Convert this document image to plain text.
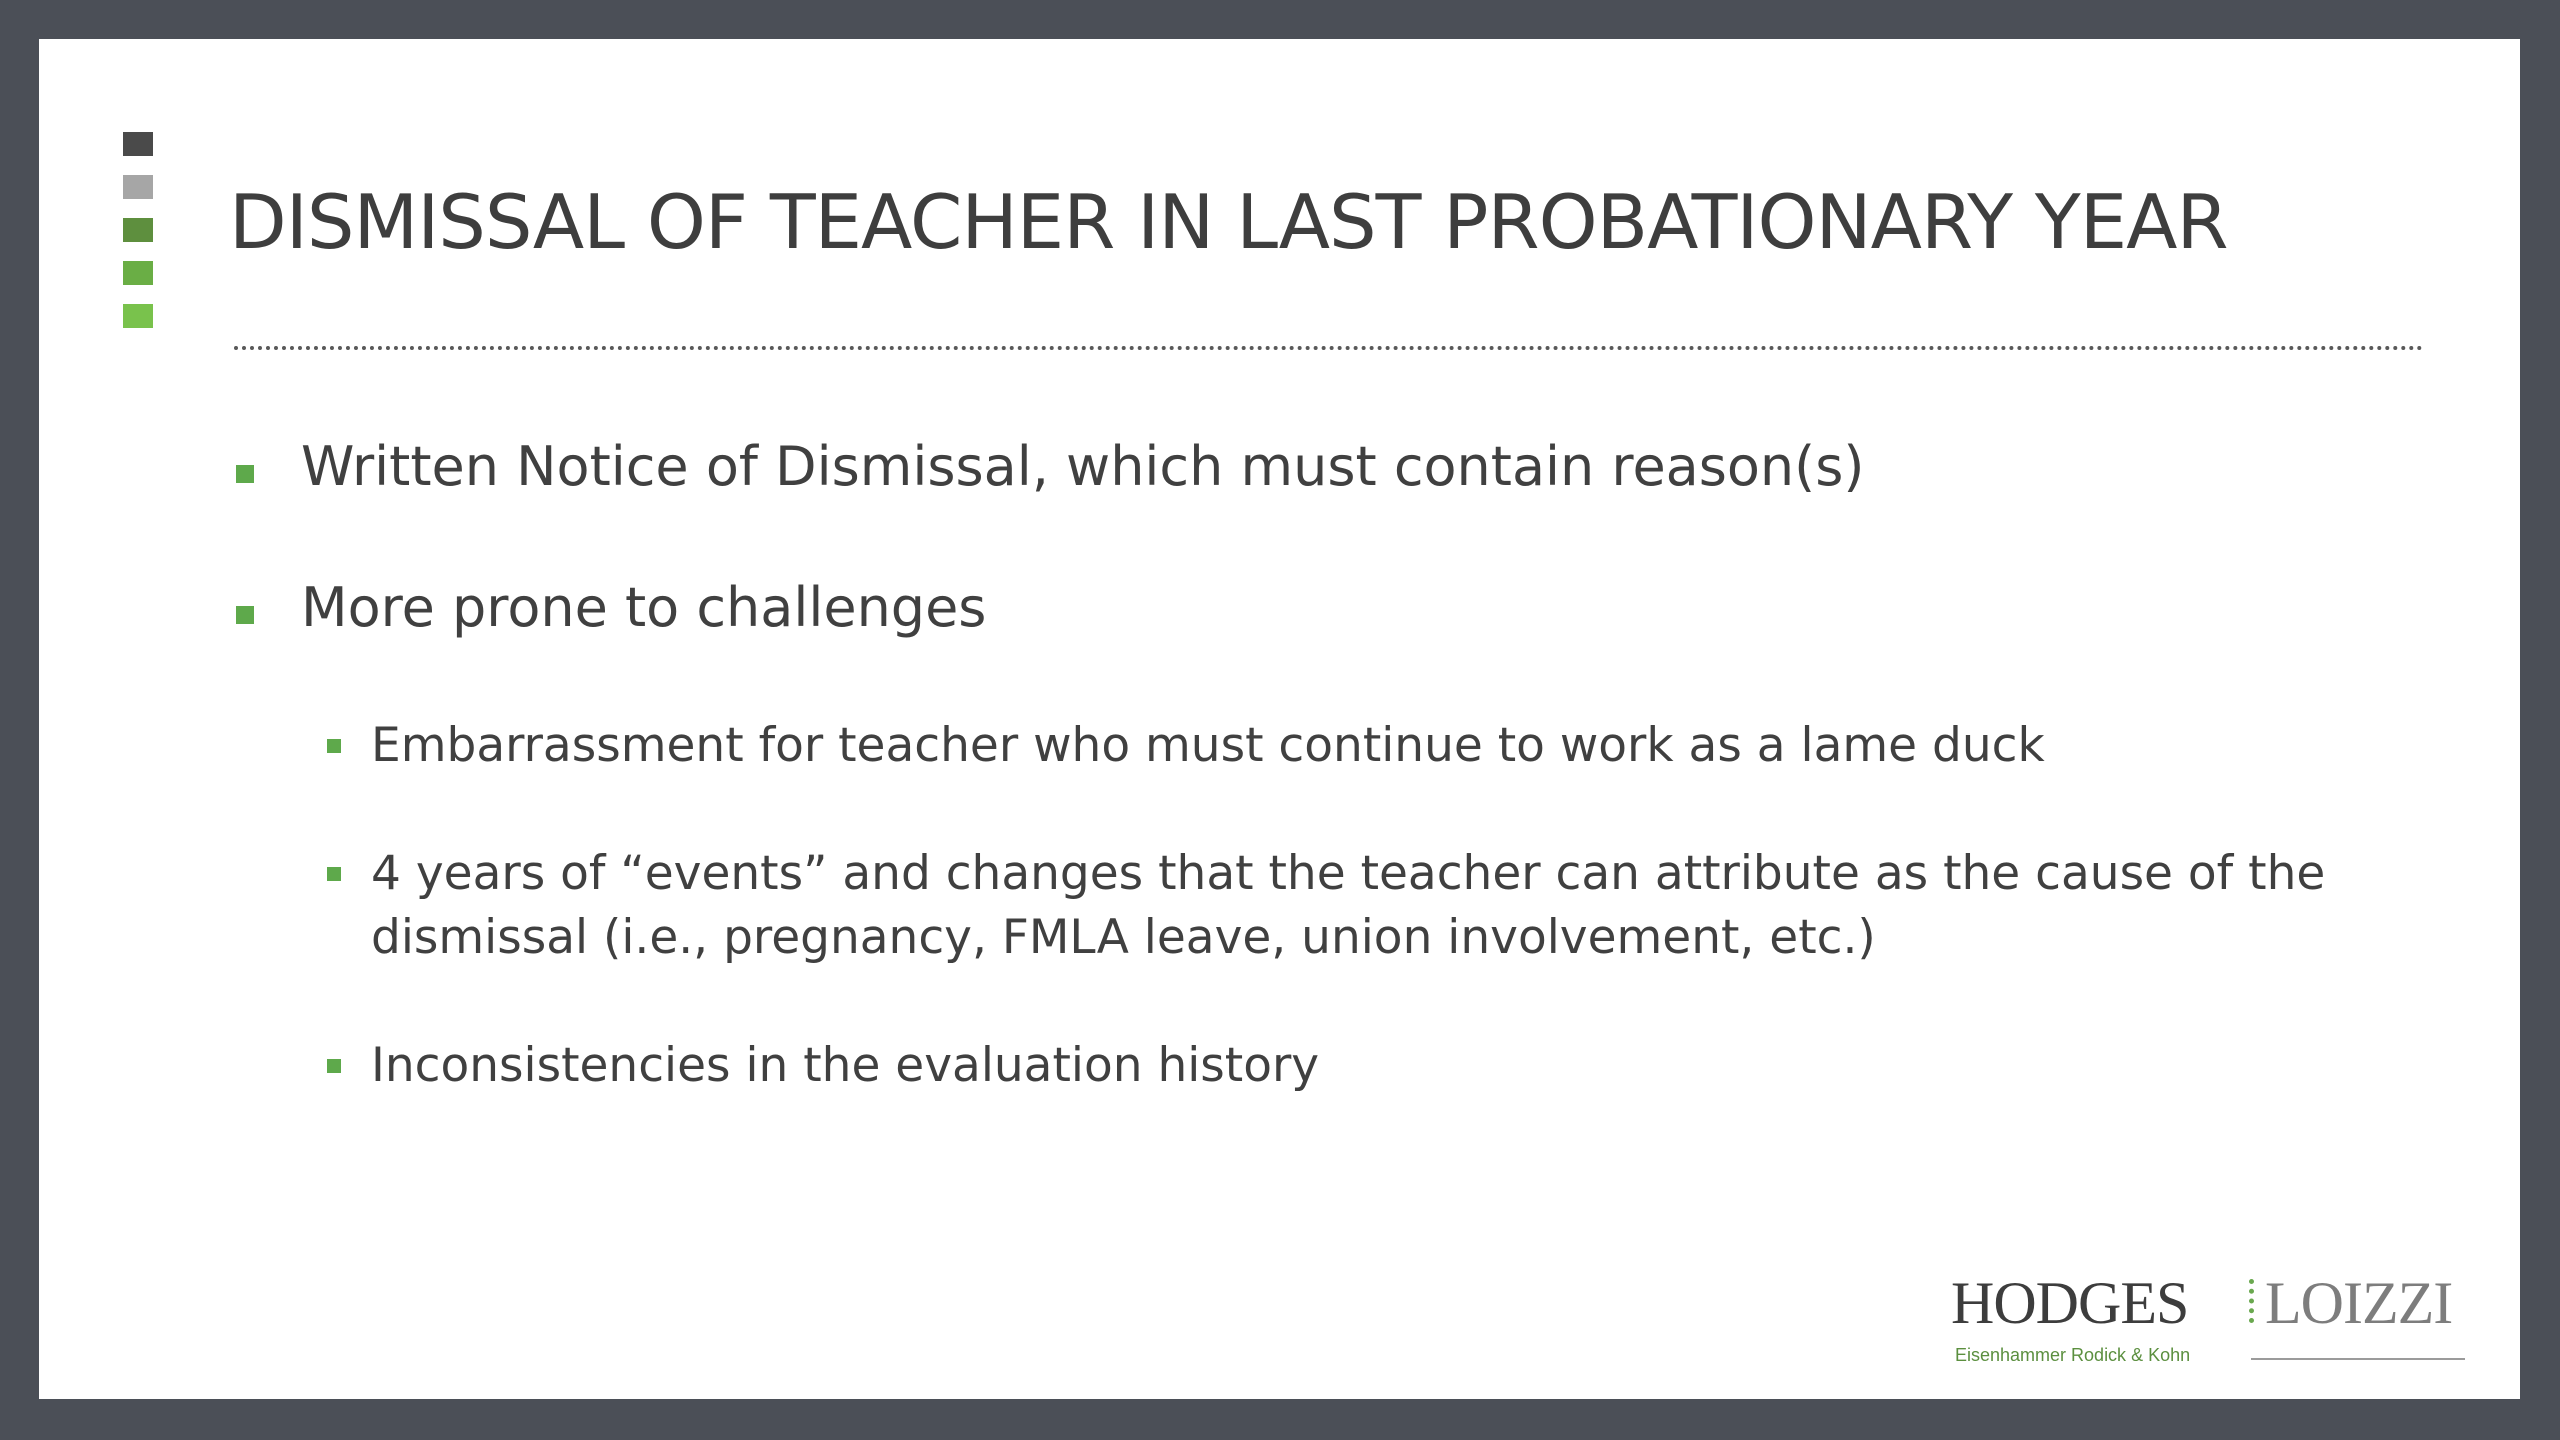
DISMISSAL OF TEACHER IN LAST PROBATIONARY YEAR
Written Notice of Dismissal, which must contain reason(s)
More prone to challenges
Embarrassment for teacher who must continue to work as a lame duck
4 years of “events” and changes that the teacher can attribute as the cause of the dismissal (i.e., pregnancy, FMLA leave, union involvement, etc.)
Inconsistencies in the evaluation history
HODGES LOIZZI
Eisenhammer Rodick & Kohn
